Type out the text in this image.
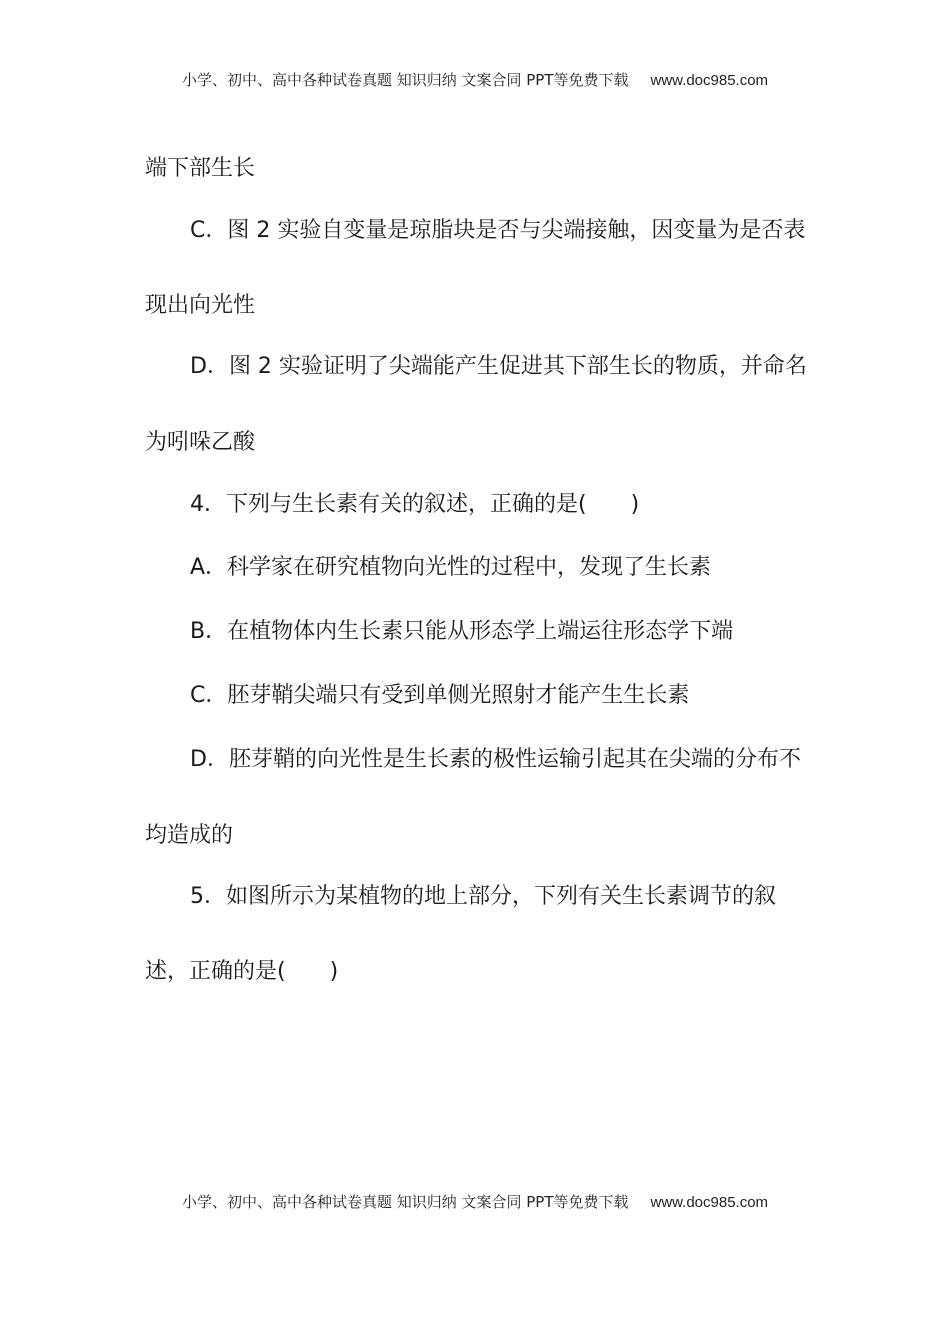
小学、初中、高中各种试卷真题 知识归纳 文案合同 PPT等免费下载 www.doc985.com
端下部生长
C．图 2 实验自变量是琼脂块是否与尖端接触，因变量为是否表
现出向光性
D．图 2 实验证明了尖端能产生促进其下部生长的物质，并命名
为吲哚乙酸
4．下列与生长素有关的叙述，正确的是(　　)
A．科学家在研究植物向光性的过程中，发现了生长素
B．在植物体内生长素只能从形态学上端运往形态学下端
C．胚芽鞘尖端只有受到单侧光照射才能产生生长素
D．胚芽鞘的向光性是生长素的极性运输引起其在尖端的分布不
均造成的
5．如图所示为某植物的地上部分，下列有关生长素调节的叙
述，正确的是(　　)
小学、初中、高中各种试卷真题 知识归纳 文案合同 PPT等免费下载 www.doc985.com
